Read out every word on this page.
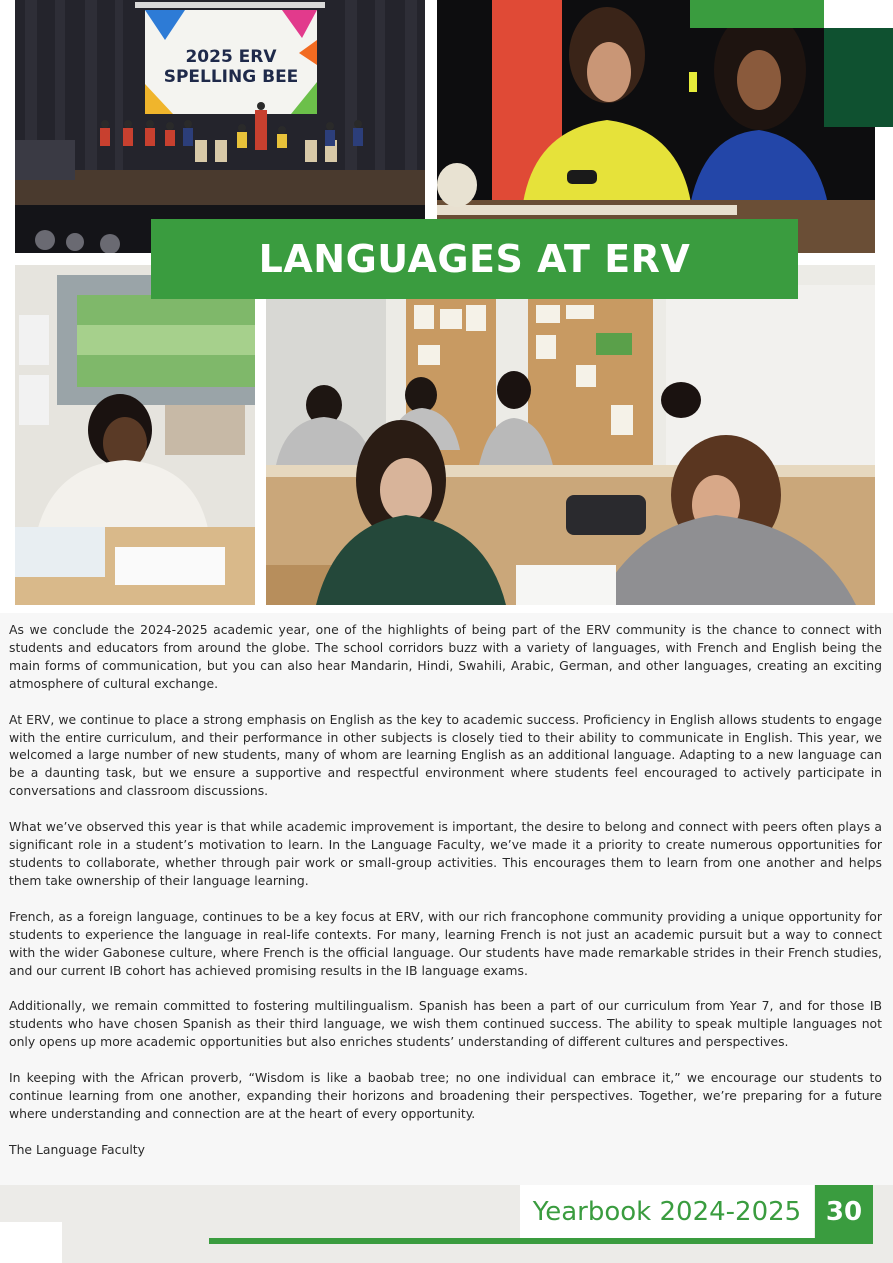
2025 ERV
SPELLING BEE
LANGUAGES AT ERV

As we conclude the 2024-2025 academic year, one of the highlights of being part of the ERV community is the chance to connect with students and educators from around the globe. The school corridors buzz with a variety of languages, with French and English being the main forms of communication, but you can also hear Mandarin, Hindi, Swahili, Arabic, German, and other languages, creating an exciting atmosphere of cultural exchange.

At ERV, we continue to place a strong emphasis on English as the key to academic success. Proficiency in English allows students to engage with the entire curriculum, and their performance in other subjects is closely tied to their ability to communicate in English. This year, we welcomed a large number of new students, many of whom are learning English as an additional language. Adapting to a new language can be a daunting task, but we ensure a supportive and respectful environment where students feel encouraged to actively participate in conversations and classroom discussions.

What we’ve observed this year is that while academic improvement is important, the desire to belong and connect with peers often plays a significant role in a student’s motivation to learn. In the Language Faculty, we’ve made it a priority to create numerous opportunities for students to collaborate, whether through pair work or small-group activities. This encourages them to learn from one another and helps them take ownership of their language learning.

French, as a foreign language, continues to be a key focus at ERV, with our rich francophone community providing a unique opportunity for students to experience the language in real-life contexts. For many, learning French is not just an academic pursuit but a way to connect with the wider Gabonese culture, where French is the official language. Our students have made remarkable strides in their French studies, and our current IB cohort has achieved promising results in the IB language exams.

Additionally, we remain committed to fostering multilingualism. Spanish has been a part of our curriculum from Year 7, and for those IB students who have chosen Spanish as their third language, we wish them continued success. The ability to speak multiple languages not only opens up more academic opportunities but also enriches students’ understanding of different cultures and perspectives.

In keeping with the African proverb, “Wisdom is like a baobab tree; no one individual can embrace it,” we encourage our students to continue learning from one another, expanding their horizons and broadening their perspectives. Together, we’re preparing for a future where understanding and connection are at the heart of every opportunity.

The Language Faculty

Yearbook 2024-2025 30
